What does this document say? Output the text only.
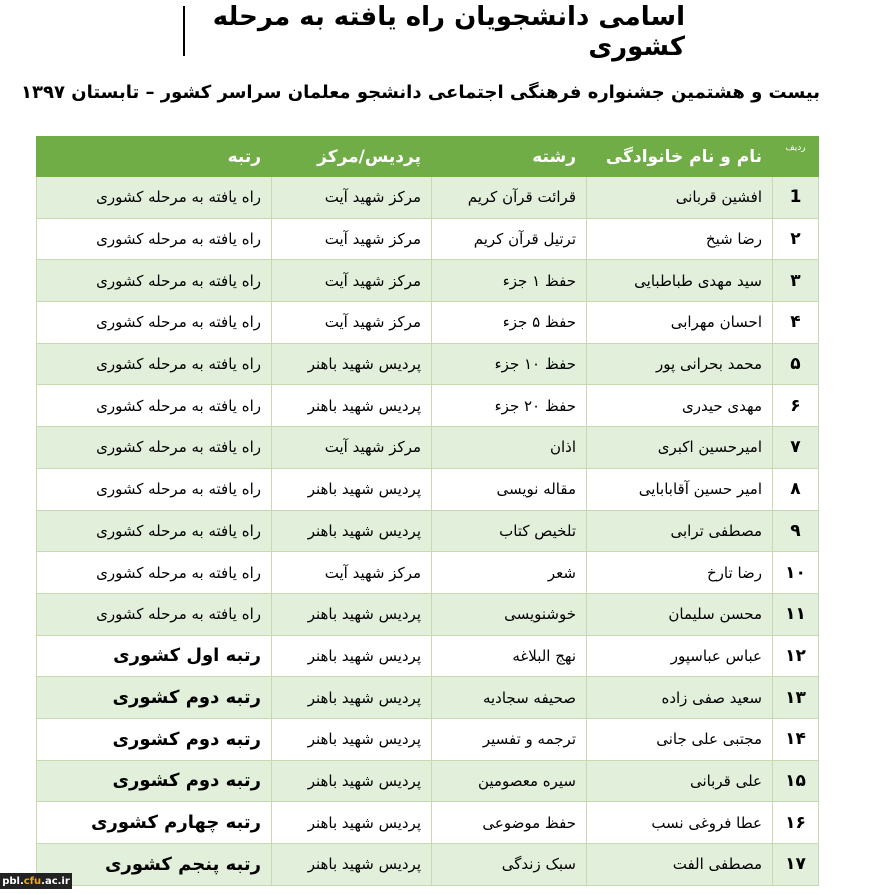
اسامی دانشجویان راه یافته به مرحله کشوری
بیست و هشتمین جشنواره فرهنگی اجتماعی دانشجو معلمان سراسر کشور – تابستان ۱۳۹۷
ردیف	نام و نام خانوادگی	رشته	پردیس/مرکز	رتبه
1	افشین قربانی	قرائت قرآن کریم	مرکز شهید آیت	راه یافته به مرحله کشوری
۲	رضا شیخ	ترتیل قرآن کریم	مرکز شهید آیت	راه یافته به مرحله کشوری
۳	سید مهدی طباطبایی	حفظ ۱ جزء	مرکز شهید آیت	راه یافته به مرحله کشوری
۴	احسان مهرابی	حفظ ۵ جزء	مرکز شهید آیت	راه یافته به مرحله کشوری
۵	محمد بحرانی پور	حفظ ۱۰ جزء	پردیس شهید باهنر	راه یافته به مرحله کشوری
۶	مهدی حیدری	حفظ ۲۰ جزء	پردیس شهید باهنر	راه یافته به مرحله کشوری
۷	امیرحسین اکبری	اذان	مرکز شهید آیت	راه یافته به مرحله کشوری
۸	امیر حسین آقابابایی	مقاله نویسی	پردیس شهید باهنر	راه یافته به مرحله کشوری
۹	مصطفی ترابی	تلخیص کتاب	پردیس شهید باهنر	راه یافته به مرحله کشوری
۱۰	رضا تارخ	شعر	مرکز شهید آیت	راه یافته به مرحله کشوری
۱۱	محسن سلیمان	خوشنویسی	پردیس شهید باهنر	راه یافته به مرحله کشوری
۱۲	عباس عباسپور	نهج البلاغه	پردیس شهید باهنر	رتبه اول کشوری
۱۳	سعید صفی زاده	صحیفه سجادیه	پردیس شهید باهنر	رتبه دوم کشوری
۱۴	مجتبی علی جانی	ترجمه و تفسیر	پردیس شهید باهنر	رتبه دوم کشوری
۱۵	علی قربانی	سیره معصومین	پردیس شهید باهنر	رتبه دوم کشوری
۱۶	عطا فروغی نسب	حفظ موضوعی	پردیس شهید باهنر	رتبه چهارم کشوری
۱۷	مصطفی الفت	سبک زندگی	پردیس شهید باهنر	رتبه پنجم کشوری
pbl. cfu .ac.ir
